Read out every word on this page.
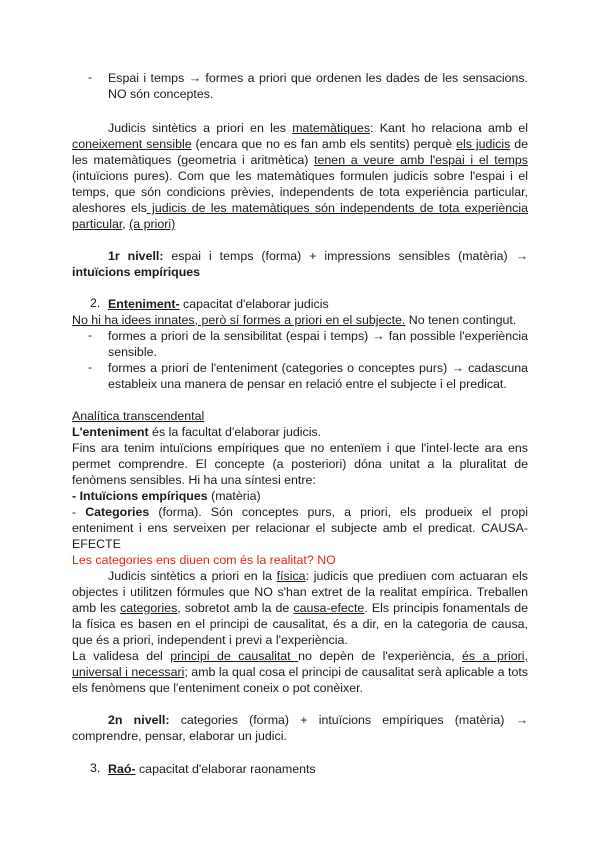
- Espai i temps → formes a priori que ordenen les dades de les sensacions. NO són conceptes.

Judicis sintètics a priori en les matemàtiques: Kant ho relaciona amb el coneixement sensible (encara que no es fan amb els sentits) perquè els judicis de les matemàtiques (geometria i aritmètica) tenen a veure amb l'espai i el temps (intuïcions pures). Com que les matemàtiques formulen judicis sobre l'espai i el temps, que són condicions prèvies, independents de tota experiència particular, aleshores els judicis de les matemàtiques són independents de tota experiència particular, (a priori)

1r nivell: espai i temps (forma) + impressions sensibles (matèria) → intuïcions empíriques

2. Enteniment- capacitat d'elaborar judicis
No hi ha idees innates, però sí formes a priori en el subjecte. No tenen contingut.
- formes a priori de la sensibilitat (espai i temps) → fan possible l'experiència sensible.
- formes a priori de l'enteniment (categories o conceptes purs) → cadascuna estableix una manera de pensar en relació entre el subjecte i el predicat.

Analítica transcendental

L'enteniment és la facultat d'elaborar judicis.

Fins ara tenim intuïcions empíriques que no entenïem i que l'intel·lecte ara ens permet comprendre. El concepte (a posteriori) dóna unitat a la pluralitat de fenòmens sensibles. Hi ha una síntesi entre:

- Intuïcions empíriques (matèria)

- Categories (forma). Són conceptes purs, a priori, els produeix el propi enteniment i ens serveixen per relacionar el subjecte amb el predicat. CAUSA-EFECTE

Les categories ens diuen com és la realitat? NO

Judicis sintètics a priori en la física: judicis que prediuen com actuaran els objectes i utilitzen fórmules que NO s'han extret de la realitat empírica. Treballen amb les categories, sobretot amb la de causa-efecte. Els principis fonamentals de la física es basen en el principi de causalitat, és a dir, en la categoria de causa, que és a priori, independent i previ a l'experiència.

La validesa del principi de causalitat no depèn de l'experiència, és a priori, universal i necessari; amb la qual cosa el principi de causalitat serà aplicable a tots els fenòmens que l'enteniment coneix o pot conèixer.

2n nivell: categories (forma) + intuïcions empíriques (matèria) → comprendre, pensar, elaborar un judici.

3. Raó- capacitat d'elaborar raonaments
